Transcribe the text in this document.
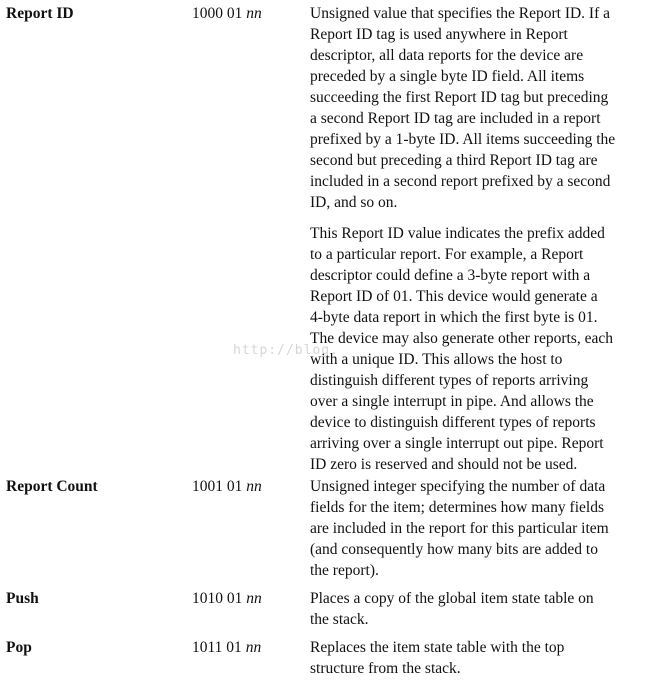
Report ID	1000 01 nn	Unsigned value that specifies the Report ID. If a
Report ID tag is used anywhere in Report
descriptor, all data reports for the device are
preceded by a single byte ID field. All items
succeeding the first Report ID tag but preceding
a second Report ID tag are included in a report
prefixed by a 1-byte ID. All items succeeding the
second but preceding a third Report ID tag are
included in a second report prefixed by a second
ID, and so on.
This Report ID value indicates the prefix added
to a particular report. For example, a Report
descriptor could define a 3-byte report with a
Report ID of 01. This device would generate a
4-byte data report in which the first byte is 01.
The device may also generate other reports, each
with a unique ID. This allows the host to
distinguish different types of reports arriving
over a single interrupt in pipe. And allows the
device to distinguish different types of reports
arriving over a single interrupt out pipe. Report
ID zero is reserved and should not be used.
Report Count	1001 01 nn	Unsigned integer specifying the number of data
fields for the item; determines how many fields
are included in the report for this particular item
(and consequently how many bits are added to
the report).
Push	1010 01 nn	Places a copy of the global item state table on
the stack.
Pop	1011 01 nn	Replaces the item state table with the top
structure from the stack.
http://blog.
